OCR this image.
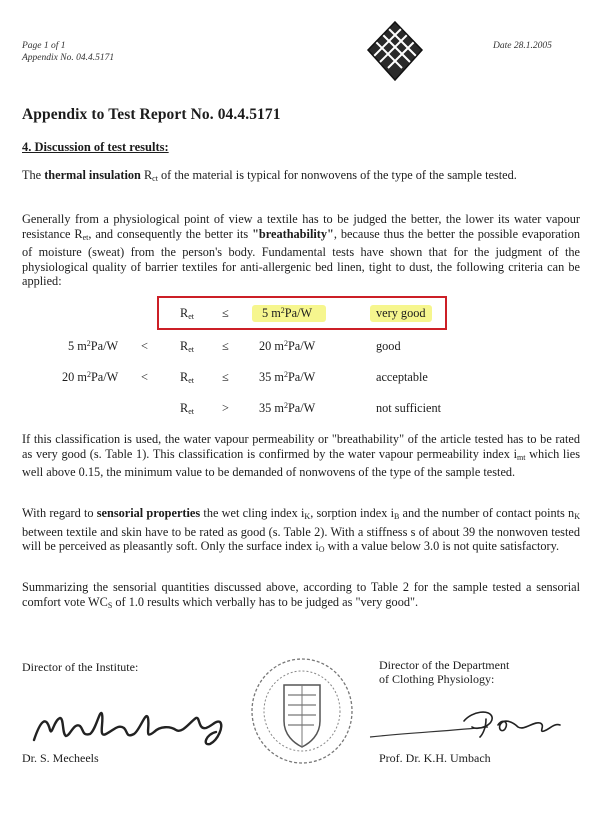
Page 1 of 1
Appendix No. 04.4.5171
Date 28.1.2005
Appendix to Test Report No. 04.4.5171
4. Discussion of test results:
The thermal insulation $R_{ct}$ of the material is typical for nonwovens of the type of the sample tested.
Generally from a physiological point of view a textile has to be judged the better, the lower its water vapour resistance $R_{et}$, and consequently the better its "breathability", because thus the better the possible evaporation of moisture (sweat) from the person's body. Fundamental tests have shown that for the judgment of the physiological quality of barrier textiles for anti-allergenic bed linen, tight to dust, the following criteria can be applied:
$R_{et}$ ≤	5 $m^2Pa/W$	very good
5 $m^2Pa/W$ <	$R_{et} \le 20$ $m^2Pa/W$	good
20 $m^2Pa/W$ <	$R_{et} \le 35$ $m^2Pa/W$	acceptable
$R_{et} > 35$ $m^2Pa/W$	not sufficient
If this classification is used, the water vapour permeability or "breathability" of the article tested has to be rated as very good (s. Table 1). This classification is confirmed by the water vapour permeability index $i_{mt}$ which lies well above 0.15, the minimum value to be demanded of nonwovens of the type of the sample tested.
With regard to sensorial properties the wet cling index $i_K$, sorption index $i_B$ and the number of contact points $n_K$ between textile and skin have to be rated as good (s. Table 2). With a stiffness s of about 39 the nonwoven tested will be perceived as pleasantly soft. Only the surface index $i_O$ with a value below 3.0 is not quite satisfactory.
Summarizing the sensorial quantities discussed above, according to Table 2 for the sample tested a sensorial comfort vote $WC_S$ of 1.0 results which verbally has to be judged as "very good".
Director of the Institute:
Dr. S. Mecheels
Director of the Department
of Clothing Physiology:
Prof. Dr. K.H. Umbach
